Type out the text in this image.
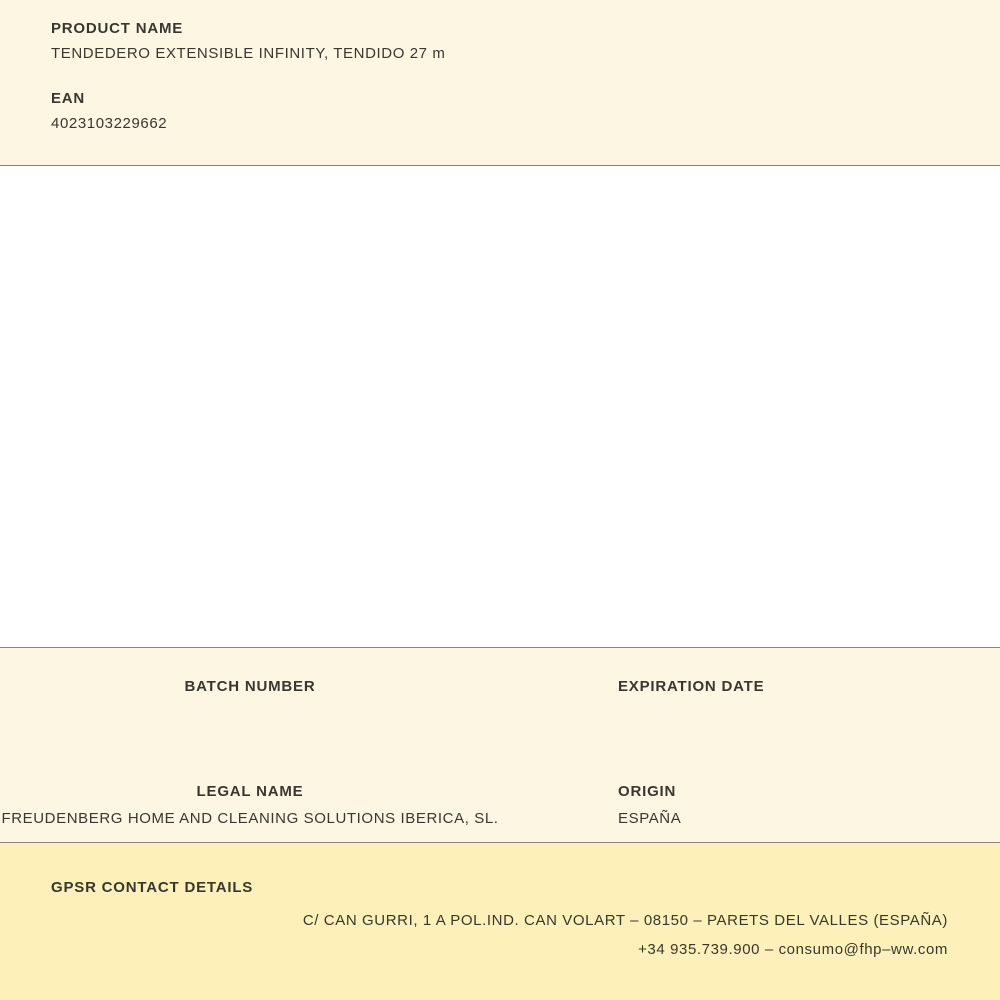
PRODUCT NAME
TENDEDERO EXTENSIBLE INFINITY, TENDIDO 27 m
EAN
4023103229662
BATCH NUMBER	EXPIRATION DATE
LEGAL NAME
FREUDENBERG HOME AND CLEANING SOLUTIONS IBERICA, SL.
ORIGIN
ESPAÑA
GPSR CONTACT DETAILS
C/ CAN GURRI, 1 A POL.IND. CAN VOLART – 08150 – PARETS DEL VALLES (ESPAÑA)
+34 935.739.900 – consumo@fhp–ww.com
